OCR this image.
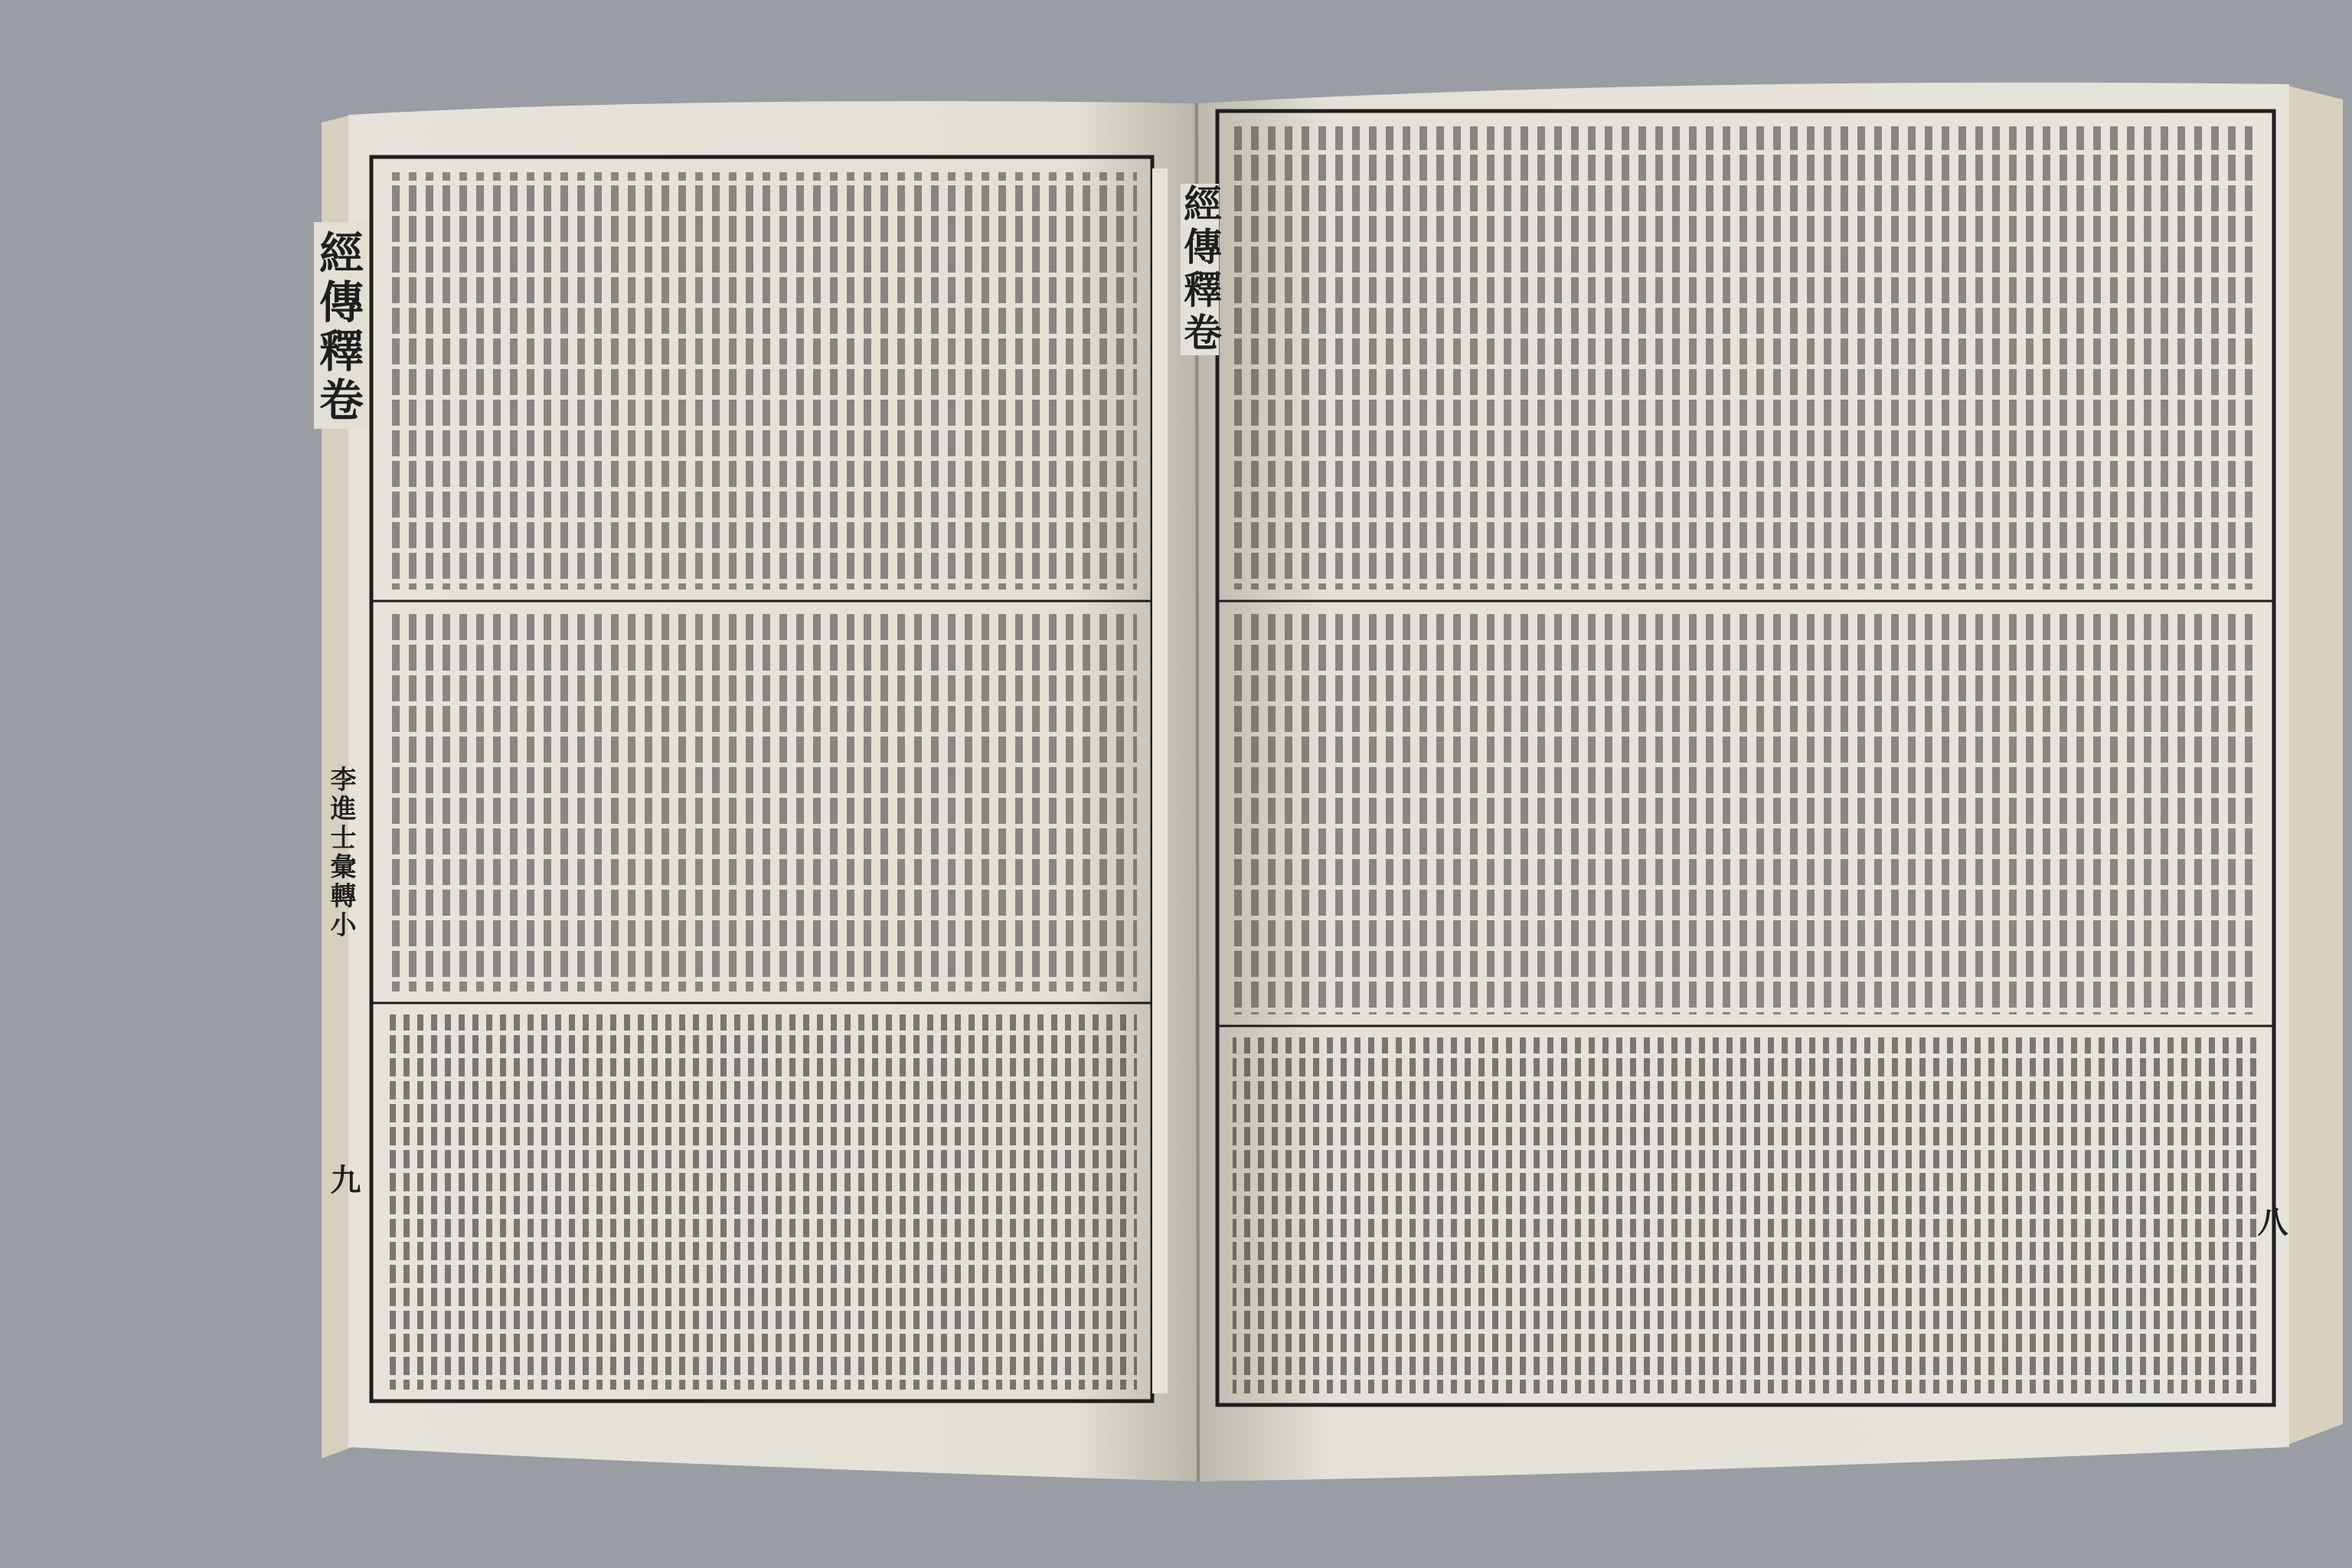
經傳釋卷
李進士彙轉小
九
經傳釋卷
八
